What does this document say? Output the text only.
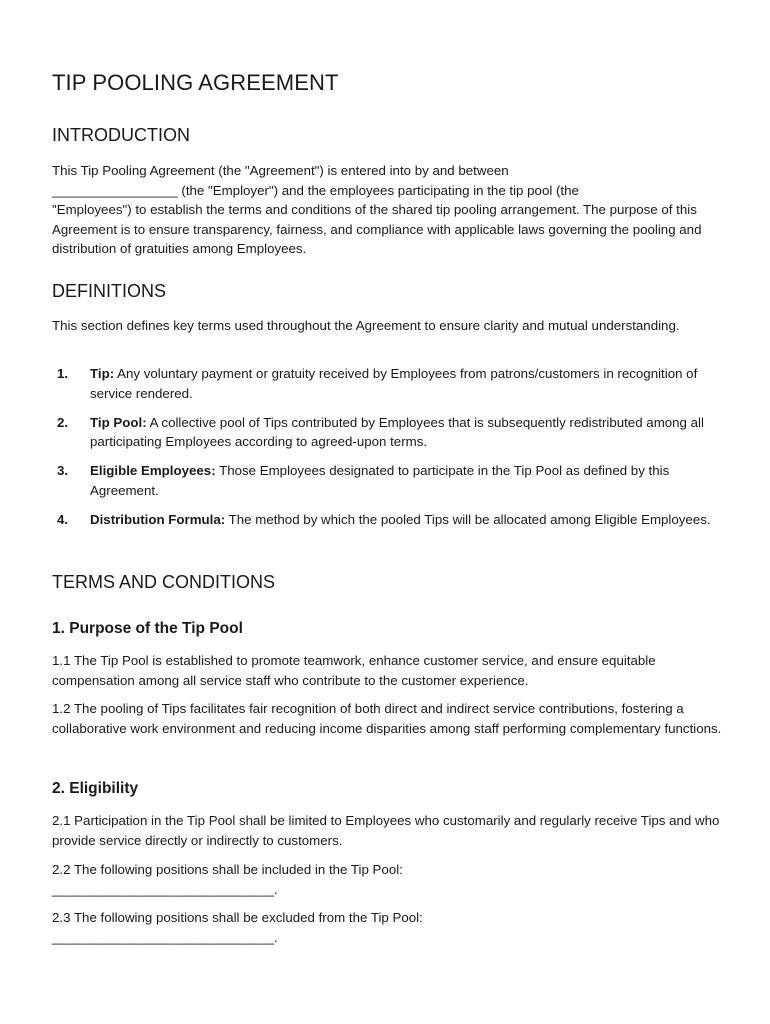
TIP POOLING AGREEMENT
INTRODUCTION

This Tip Pooling Agreement (the "Agreement") is entered into by and between
_________________ (the "Employer") and the employees participating in the tip pool (the
"Employees") to establish the terms and conditions of the shared tip pooling arrangement. The purpose of this Agreement is to ensure transparency, fairness, and compliance with applicable laws governing the pooling and distribution of gratuities among Employees.

DEFINITIONS

This section defines key terms used throughout the Agreement to ensure clarity and mutual understanding.

1. Tip: Any voluntary payment or gratuity received by Employees from patrons/customers in recognition of service rendered.
2. Tip Pool: A collective pool of Tips contributed by Employees that is subsequently redistributed among all participating Employees according to agreed-upon terms.
3. Eligible Employees: Those Employees designated to participate in the Tip Pool as defined by this Agreement.
4. Distribution Formula: The method by which the pooled Tips will be allocated among Eligible Employees.
TERMS AND CONDITIONS
1. Purpose of the Tip Pool

1.1 The Tip Pool is established to promote teamwork, enhance customer service, and ensure equitable compensation among all service staff who contribute to the customer experience.

1.2 The pooling of Tips facilitates fair recognition of both direct and indirect service contributions, fostering a collaborative work environment and reducing income disparities among staff performing complementary functions.

2. Eligibility

2.1 Participation in the Tip Pool shall be limited to Employees who customarily and regularly receive Tips and who provide service directly or indirectly to customers.

2.2 The following positions shall be included in the Tip Pool:
______________________________.

2.3 The following positions shall be excluded from the Tip Pool:
______________________________.
